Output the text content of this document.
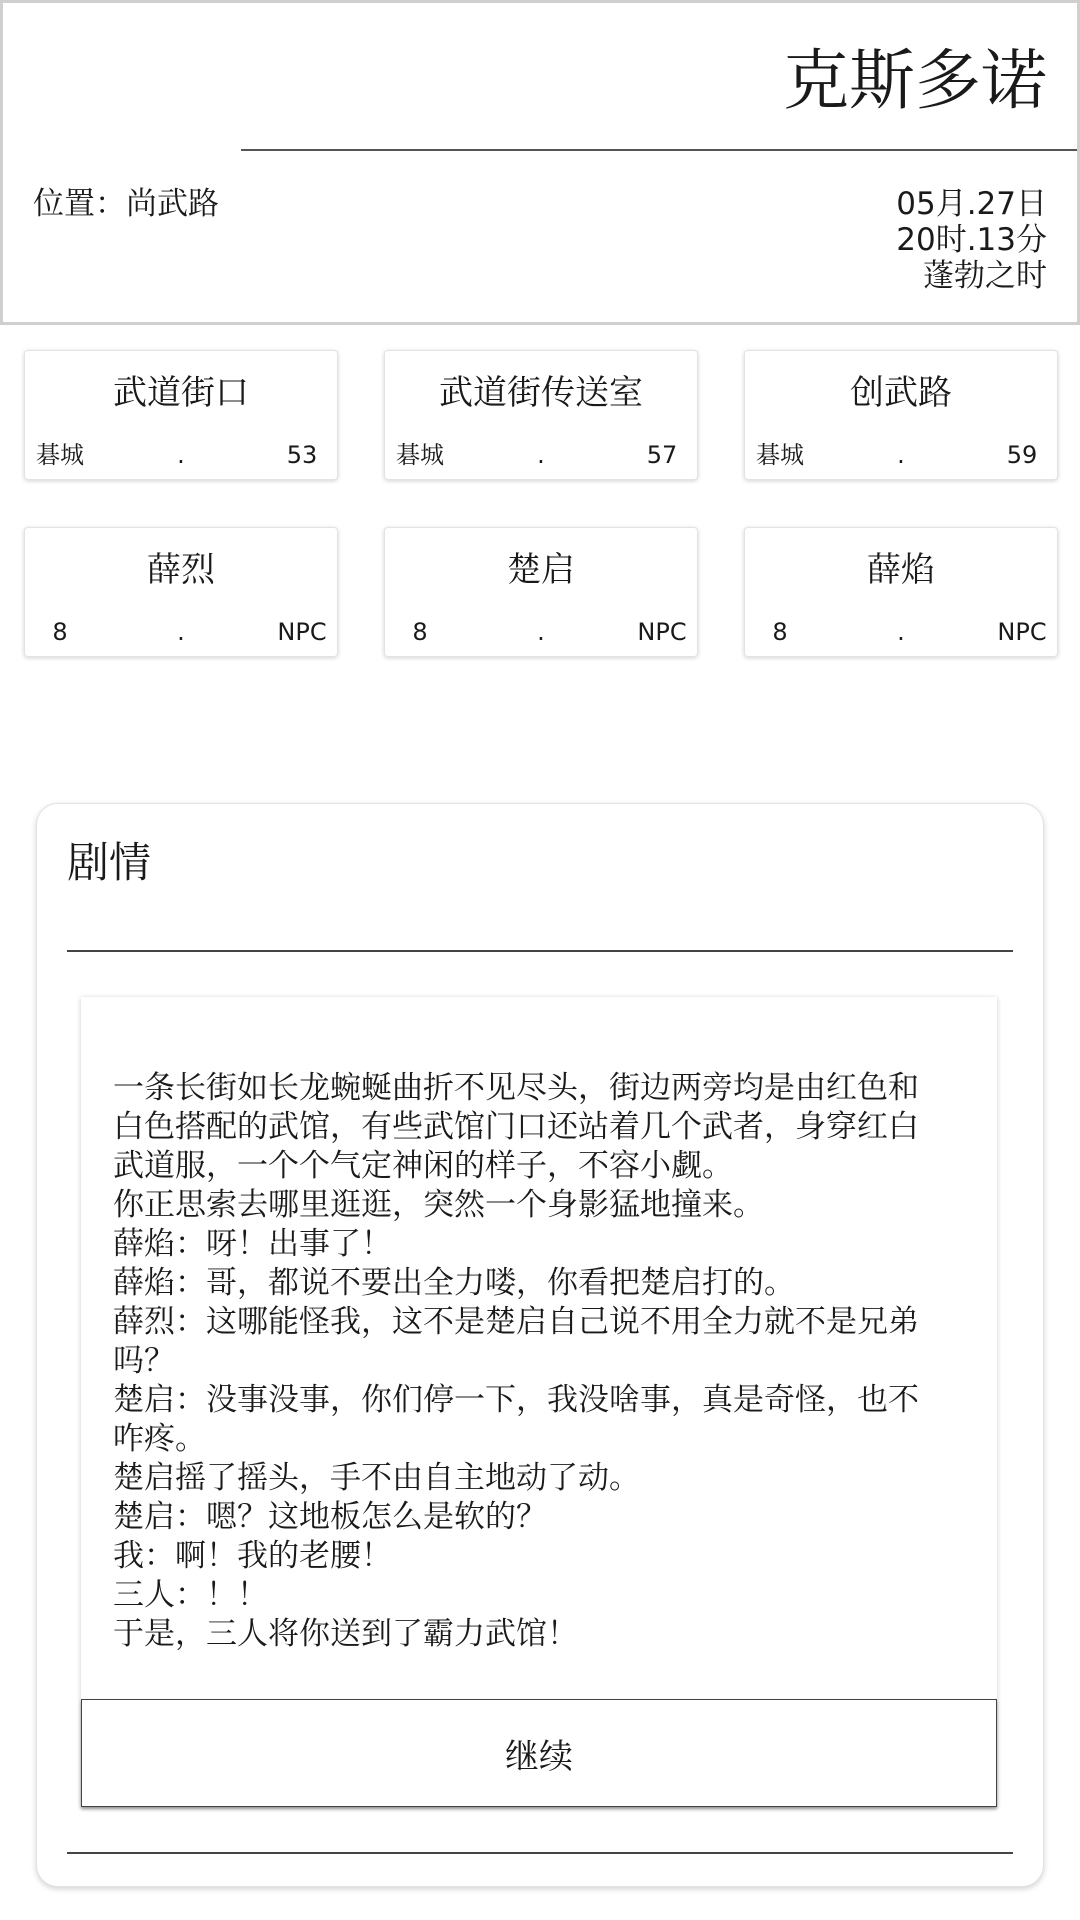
克斯多诺
位置：尚武路	05月.27日
20时.13分
蓬勃之时
武道街口
碁城	.	53
武道街传送室
碁城	.	57
创武路
碁城	.	59
薛烈
8	.	NPC
楚启
8	.	NPC
薛焰
8	.	NPC
剧情
一条长街如长龙蜿蜒曲折不见尽头，街边两旁均是由红色和
白色搭配的武馆，有些武馆门口还站着几个武者，身穿红白
武道服，一个个气定神闲的样子，不容小觑。
你正思索去哪里逛逛，突然一个身影猛地撞来。
薛焰：呀！出事了！
薛焰：哥，都说不要出全力喽，你看把楚启打的。
薛烈：这哪能怪我，这不是楚启自己说不用全力就不是兄弟
吗？
楚启：没事没事，你们停一下，我没啥事，真是奇怪，也不
咋疼。
楚启摇了摇头，手不由自主地动了动。
楚启：嗯？这地板怎么是软的？
我：啊！我的老腰！
三人：！！
于是，三人将你送到了霸力武馆！
继续
